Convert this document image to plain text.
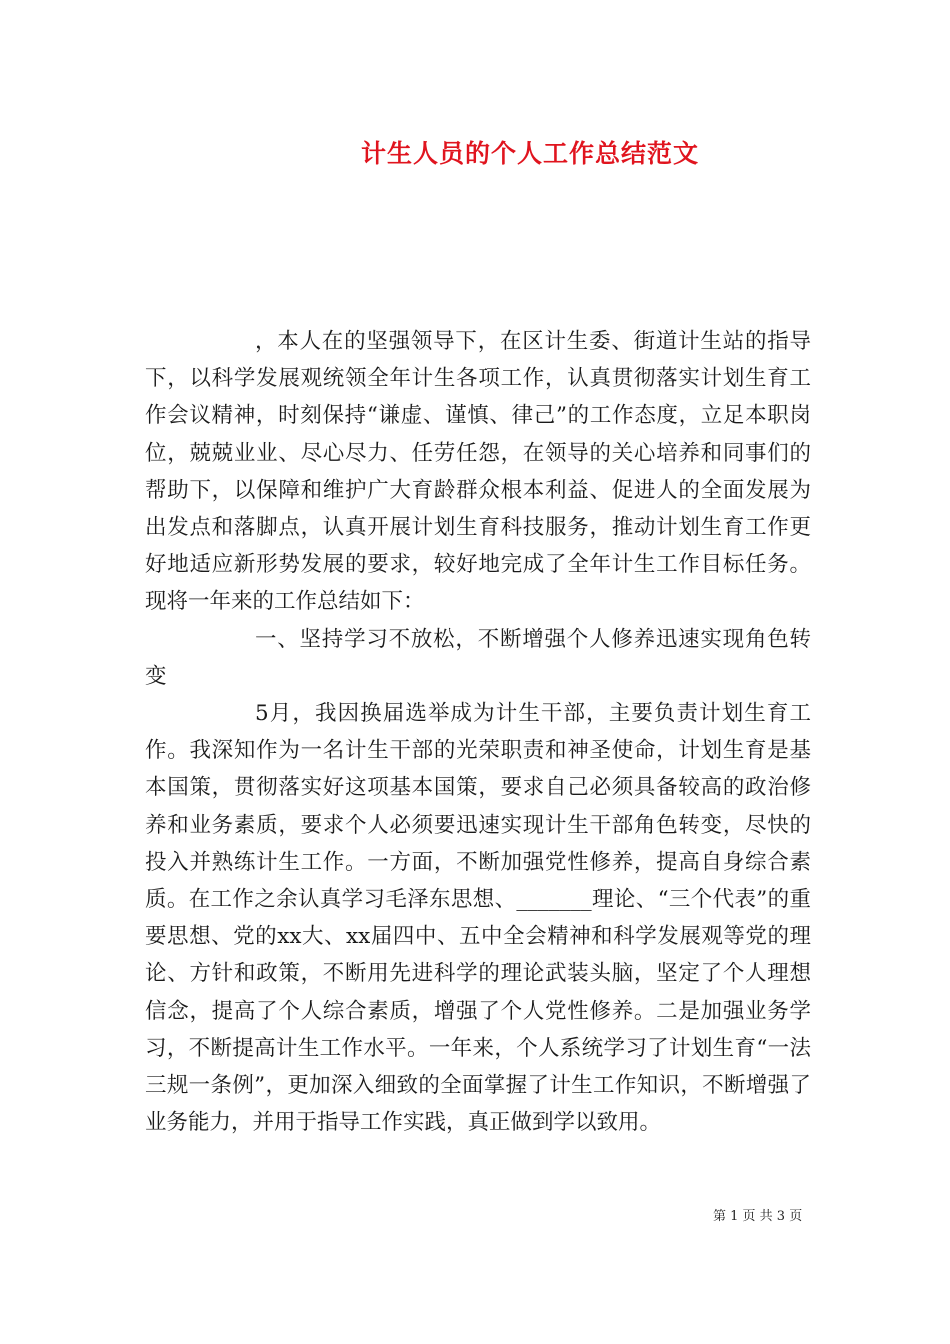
计生人员的个人工作总结范文

，本人在的坚强领导下，在区计生委、街道计生站的指导下，以科学发展观统领全年计生各项工作，认真贯彻落实计划生育工作会议精神，时刻保持“谦虚、谨慎、律己”的工作态度，立足本职岗位，兢兢业业、尽心尽力、任劳任怨，在领导的关心培养和同事们的帮助下，以保障和维护广大育龄群众根本利益、促进人的全面发展为出发点和落脚点，认真开展计划生育科技服务，推动计划生育工作更好地适应新形势发展的要求，较好地完成了全年计生工作目标任务。现将一年来的工作总结如下：

一、坚持学习不放松，不断增强个人修养迅速实现角色转变

5月，我因换届选举成为计生干部，主要负责计划生育工作。我深知作为一名计生干部的光荣职责和神圣使命，计划生育是基本国策，贯彻落实好这项基本国策，要求自己必须具备较高的政治修养和业务素质，要求个人必须要迅速实现计生干部角色转变，尽快的投入并熟练计生工作。一方面，不断加强党性修养，提高自身综合素质。在工作之余认真学习毛泽东思想、_______理论、“三个代表”的重要思想、党的xx大、xx届四中、五中全会精神和科学发展观等党的理论、方针和政策，不断用先进科学的理论武装头脑，坚定了个人理想信念，提高了个人综合素质，增强了个人党性修养。二是加强业务学习，不断提高计生工作水平。一年来，个人系统学习了计划生育“一法三规一条例”，更加深入细致的全面掌握了计生工作知识，不断增强了业务能力，并用于指导工作实践，真正做到学以致用。

第 1 页 共 3 页
